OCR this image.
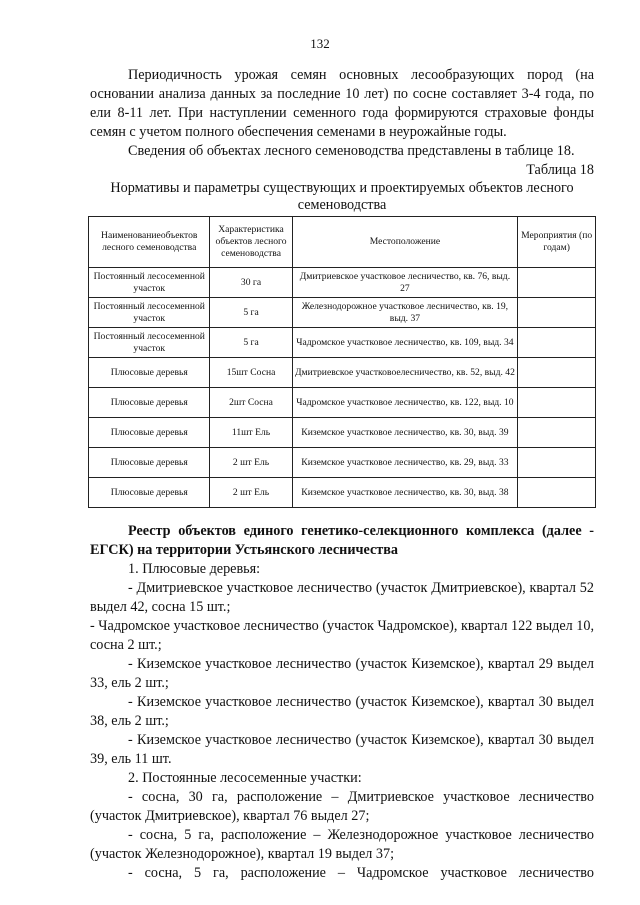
132

Периодичность урожая семян основных лесообразующих пород (на основании анализа данных за последние 10 лет) по сосне составляет 3-4 года, по ели 8-11 лет. При наступлении семенного года формируются страховые фонды семян с учетом полного обеспечения семенами в неурожайные годы.

Сведения об объектах лесного семеноводства представлены в таблице 18.

Таблица 18

Нормативы и параметры существующих и проектируемых объектов лесного семеноводства

Наименованиеобъектов лесного семеноводства	Характеристика объектов лесного семеноводства	Местоположение	Мероприятия (по годам)
Постоянный лесосеменной участок	30 га	Дмитриевское участковое лесничество, кв. 76, выд. 27	
Постоянный лесосеменной участок	5 га	Железнодорожное участковое лесничество, кв. 19, выд. 37	
Постоянный лесосеменной участок	5 га	Чадромское участковое лесничество, кв. 109, выд. 34	
Плюсовые деревья	15шт Сосна	Дмитриевское участковоелесничество, кв. 52, выд. 42	
Плюсовые деревья	2шт Сосна	Чадромское участковое лесничество, кв. 122, выд. 10	
Плюсовые деревья	11шт Ель	Киземское участковое лесничество, кв. 30, выд. 39	
Плюсовые деревья	2 шт Ель	Киземское участковое лесничество, кв. 29, выд. 33	
Плюсовые деревья	2 шт Ель	Киземское участковое лесничество, кв. 30, выд. 38	

Реестр объектов единого генетико-селекционного комплекса (далее - ЕГСК) на территории Устьянского лесничества

1. Плюсовые деревья:

- Дмитриевское участковое лесничество (участок Дмитриевское), квартал 52 выдел 42, сосна 15 шт.;

- Чадромское участковое лесничество (участок Чадромское), квартал 122 выдел 10, сосна 2 шт.;

- Киземское участковое лесничество (участок Киземское), квартал 29 выдел 33, ель 2 шт.;

- Киземское участковое лесничество (участок Киземское), квартал 30 выдел 38, ель 2 шт.;

- Киземское участковое лесничество (участок Киземское), квартал 30 выдел 39, ель 11 шт.

2. Постоянные лесосеменные участки:

- сосна, 30 га, расположение – Дмитриевское участковое лесничество (участок Дмитриевское), квартал 76 выдел 27;

- сосна, 5 га, расположение – Железнодорожное участковое лесничество (участок Железнодорожное), квартал 19 выдел 37;

- сосна, 5 га, расположение – Чадромское участковое лесничество
